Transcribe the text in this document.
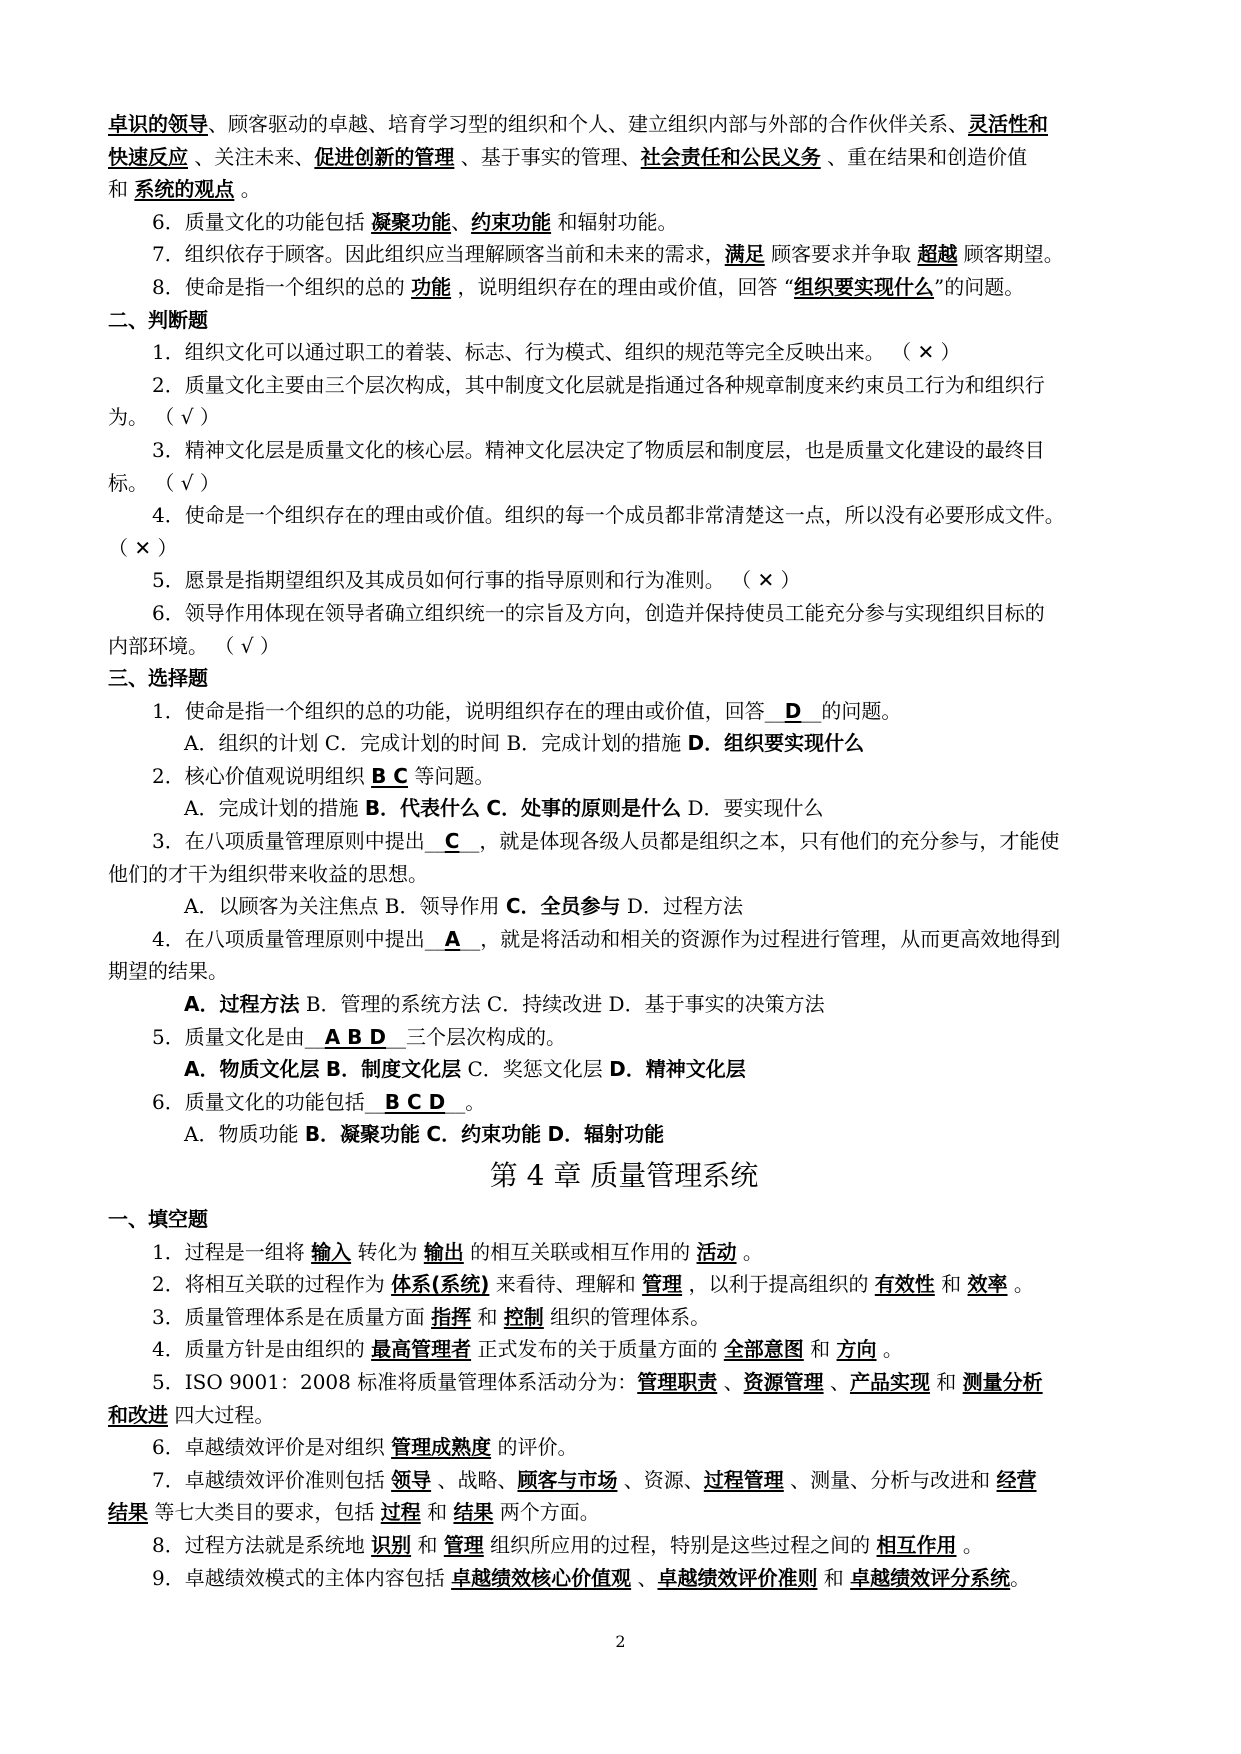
卓识的领导、顾客驱动的卓越、培育学习型的组织和个人、建立组织内部与外部的合作伙伴关系、灵活性和
快速反应 、关注未来、促进创新的管理 、基于事实的管理、社会责任和公民义务 、重在结果和创造价值
和 系统的观点 。
6．质量文化的功能包括 凝聚功能、约束功能 和辐射功能。
7．组织依存于顾客。因此组织应当理解顾客当前和未来的需求，满足 顾客要求并争取 超越 顾客期望。
8．使命是指一个组织的总的 功能 ，说明组织存在的理由或价值，回答 “组织要实现什么”的问题。
二、判断题
1．组织文化可以通过职工的着装、标志、行为模式、组织的规范等完全反映出来。 （ ✕ ）
2．质量文化主要由三个层次构成，其中制度文化层就是指通过各种规章制度来约束员工行为和组织行
为。 （ √ ）
3．精神文化层是质量文化的核心层。精神文化层决定了物质层和制度层，也是质量文化建设的最终目
标。 （ √ ）
4．使命是一个组织存在的理由或价值。组织的每一个成员都非常清楚这一点，所以没有必要形成文件。
（ ✕ ）
5．愿景是指期望组织及其成员如何行事的指导原则和行为准则。 （ ✕ ）
6．领导作用体现在领导者确立组织统一的宗旨及方向，创造并保持使员工能充分参与实现组织目标的
内部环境。 （ √ ）
三、选择题
1．使命是指一个组织的总的功能，说明组织存在的理由或价值，回答__D__的问题。
A．组织的计划 C．完成计划的时间 B．完成计划的措施 D．组织要实现什么
2．核心价值观说明组织 B C 等问题。
A．完成计划的措施 B．代表什么 C．处事的原则是什么 D．要实现什么
3．在八项质量管理原则中提出__C__，就是体现各级人员都是组织之本，只有他们的充分参与，才能使
他们的才干为组织带来收益的思想。
A．以顾客为关注焦点 B．领导作用 C．全员参与 D．过程方法
4．在八项质量管理原则中提出__A__，就是将活动和相关的资源作为过程进行管理，从而更高效地得到
期望的结果。
A．过程方法 B．管理的系统方法 C．持续改进 D．基于事实的决策方法
5．质量文化是由__A B D__三个层次构成的。
A．物质文化层 B．制度文化层 C．奖惩文化层 D．精神文化层
6．质量文化的功能包括__B C D__。
A．物质功能 B．凝聚功能 C．约束功能 D．辐射功能
第 4 章 质量管理系统
一、填空题
1．过程是一组将 输入 转化为 输出 的相互关联或相互作用的 活动 。
2．将相互关联的过程作为 体系(系统) 来看待、理解和 管理 ，以利于提高组织的 有效性 和 效率 。
3．质量管理体系是在质量方面 指挥 和 控制 组织的管理体系。
4．质量方针是由组织的 最高管理者 正式发布的关于质量方面的 全部意图 和 方向 。
5．ISO 9001：2008 标准将质量管理体系活动分为：管理职责 、资源管理 、产品实现 和 测量分析
和改进 四大过程。
6．卓越绩效评价是对组织 管理成熟度 的评价。
7．卓越绩效评价准则包括 领导 、战略、顾客与市场 、资源、过程管理 、测量、分析与改进和 经营
结果 等七大类目的要求，包括 过程 和 结果 两个方面。
8．过程方法就是系统地 识别 和 管理 组织所应用的过程，特别是这些过程之间的 相互作用 。
9．卓越绩效模式的主体内容包括 卓越绩效核心价值观 、卓越绩效评价准则 和 卓越绩效评分系统。
2
